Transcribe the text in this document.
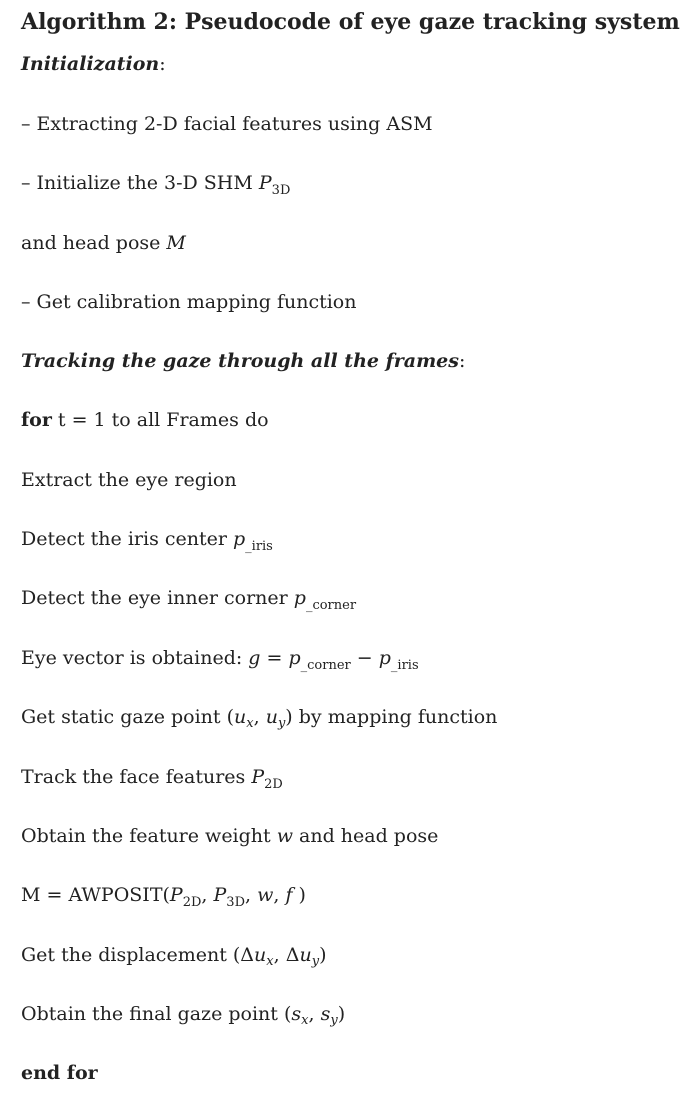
Algorithm 2: Pseudocode of eye gaze tracking system
Initialization:
– Extracting 2-D facial features using ASM
– Initialize the 3-D SHM $P_{3D}$
and head pose M
– Get calibration mapping function
Tracking the gaze through all the frames:
for t = 1 to all Frames do
Extract the eye region
Detect the iris center $p_{\_iris}$
Detect the eye inner corner $p_{\_corner}$
Eye vector is obtained: $g = p_{\_corner} - p_{\_iris}$
Get static gaze point ($u_x$, $u_y$) by mapping function
Track the face features $P_{2D}$
Obtain the feature weight w and head pose
$M = AWPOSIT(P_{2D}$, $P_{3D}$, w, f )
Get the displacement ($\Delta u_x$, $\Delta u_y$)
Obtain the final gaze point ($s_x$, $s_y$)
end for
